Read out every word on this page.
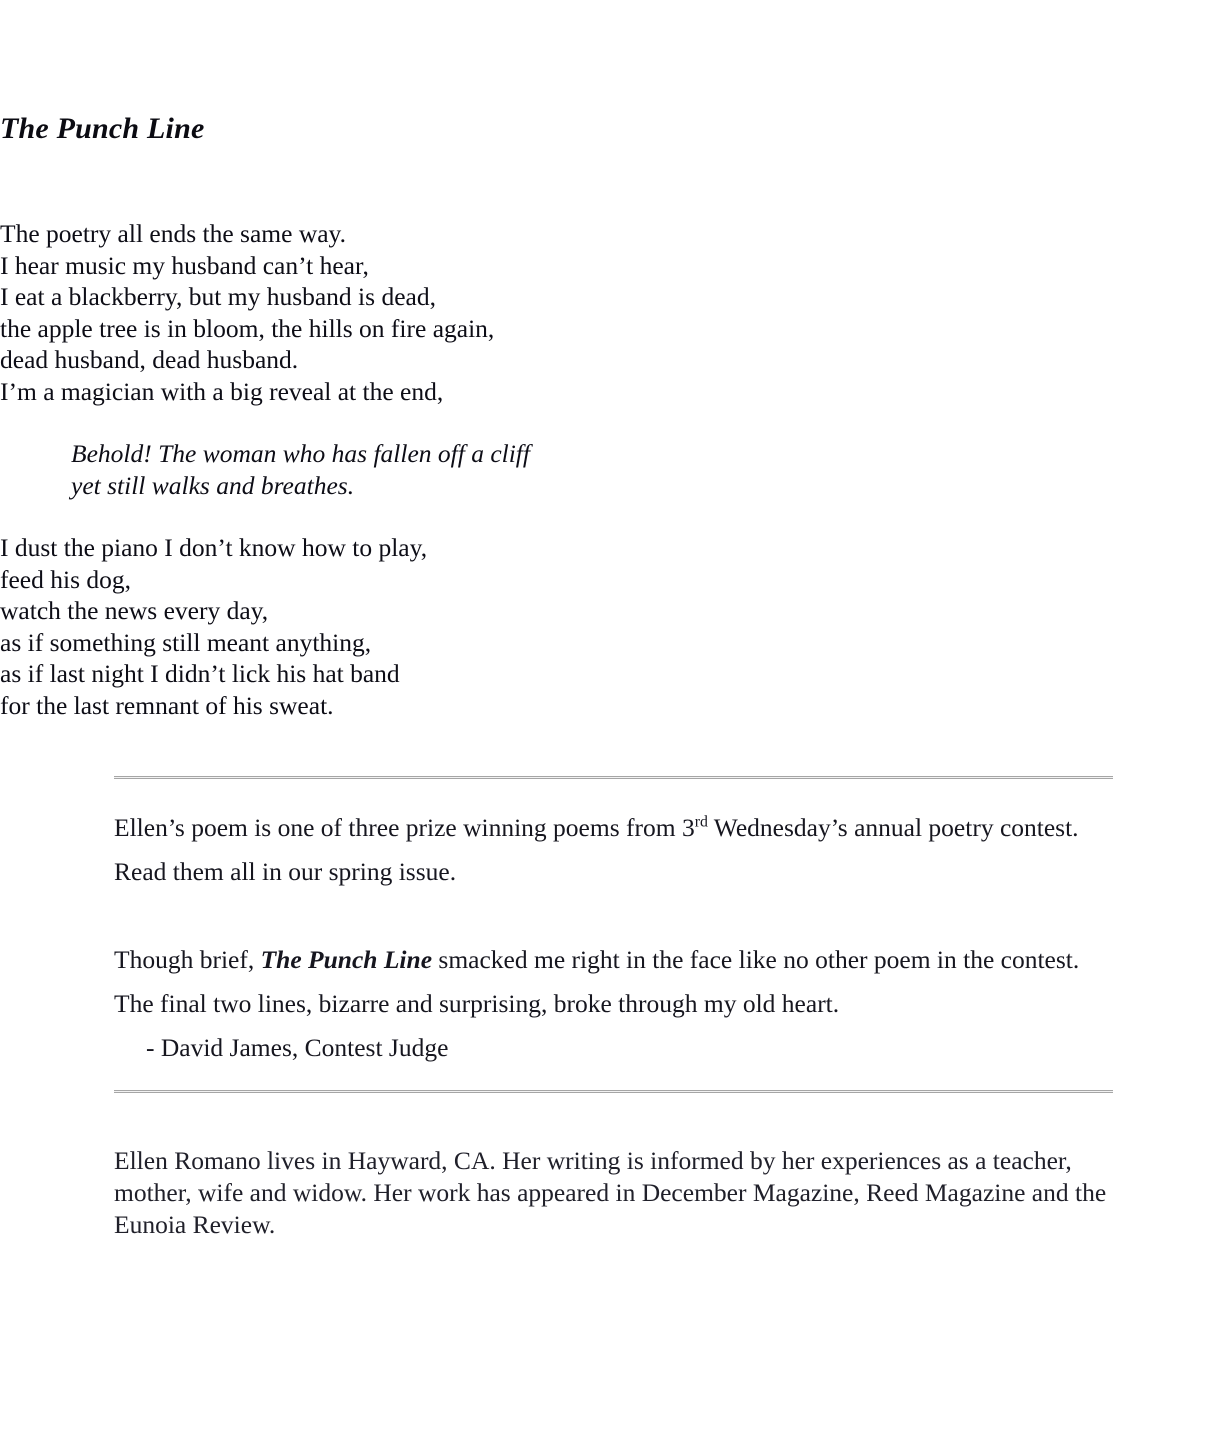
The Punch Line
The poetry all ends the same way.
I hear music my husband can’t hear,
I eat a blackberry, but my husband is dead,
the apple tree is in bloom, the hills on fire again,
dead husband, dead husband.
I’m a magician with a big reveal at the end,
Behold! The woman who has fallen off a cliff
yet still walks and breathes.
I dust the piano I don’t know how to play,
feed his dog,
watch the news every day,
as if something still meant anything,
as if last night I didn’t lick his hat band
for the last remnant of his sweat.

Ellen’s poem is one of three prize winning poems from 3rd Wednesday’s annual poetry contest. Read them all in our spring issue.

Though brief, The Punch Line smacked me right in the face like no other poem in the contest. The final two lines, bizarre and surprising, broke through my old heart.

- David James, Contest Judge

Ellen Romano lives in Hayward, CA. Her writing is informed by her experiences as a teacher, mother, wife and widow. Her work has appeared in December Magazine, Reed Magazine and the Eunoia Review.
